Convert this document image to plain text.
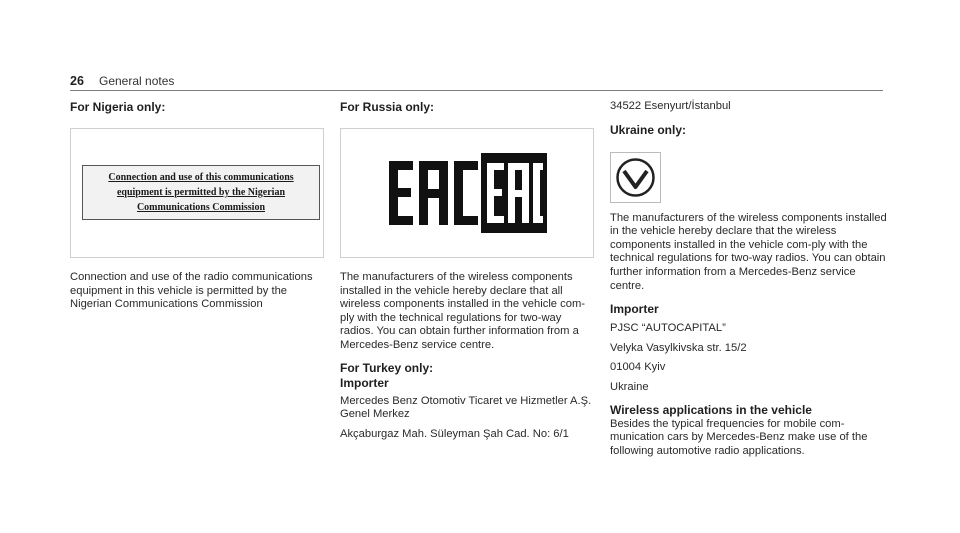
26 General notes
For Nigeria only:
Connection and use of this communications
equipment is permitted by the Nigerian
Communications Commission

Connection and use of the radio communications equipment in this vehicle is permitted by the Nigerian Communications Commission

For Russia only:

The manufacturers of the wireless components installed in the vehicle hereby declare that all wireless components installed in the vehicle com-ply with the technical regulations for two-way radios. You can obtain further information from a Mercedes-Benz service centre.

For Turkey only:
Importer

Mercedes Benz Otomotiv Ticaret ve Hizmetler A.Ş. Genel Merkez

Akçaburgaz Mah. Süleyman Şah Cad. No: 6/1

34522 Esenyurt/İstanbul

Ukraine only:

The manufacturers of the wireless components installed in the vehicle hereby declare that the wireless components installed in the vehicle com-ply with the technical regulations for two-way radios. You can obtain further information from a Mercedes-Benz service centre.

Importer

PJSC “AUTOCAPITAL”

Velyka Vasylkivska str. 15/2

01004 Kyiv

Ukraine

Wireless applications in the vehicle

Besides the typical frequencies for mobile com-munication cars by Mercedes-Benz make use of the following automotive radio applications.
